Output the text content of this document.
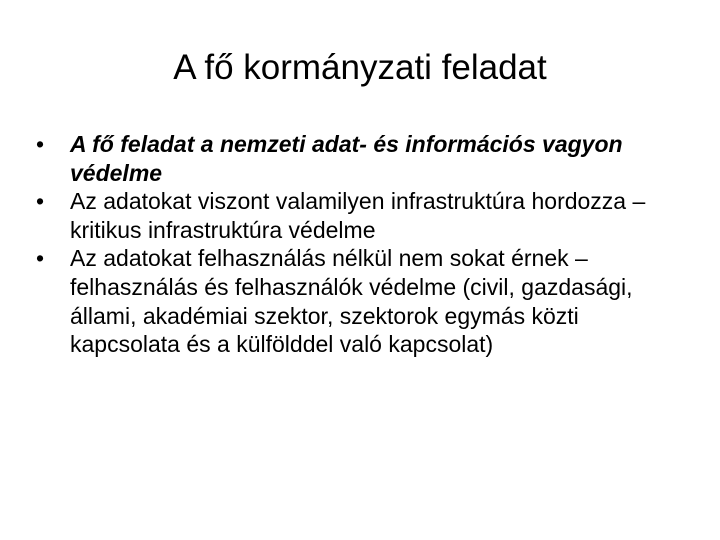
A fő kormányzati feladat
•	A fő feladat a nemzeti adat- és információs vagyon védelme
•	Az adatokat viszont valamilyen infrastruktúra hordozza – kritikus infrastruktúra védelme
•	Az adatokat felhasználás nélkül nem sokat érnek – felhasználás és felhasználók védelme (civil, gazdasági, állami, akadémiai szektor, szektorok egymás közti kapcsolata és a külfölddel való kapcsolat)
